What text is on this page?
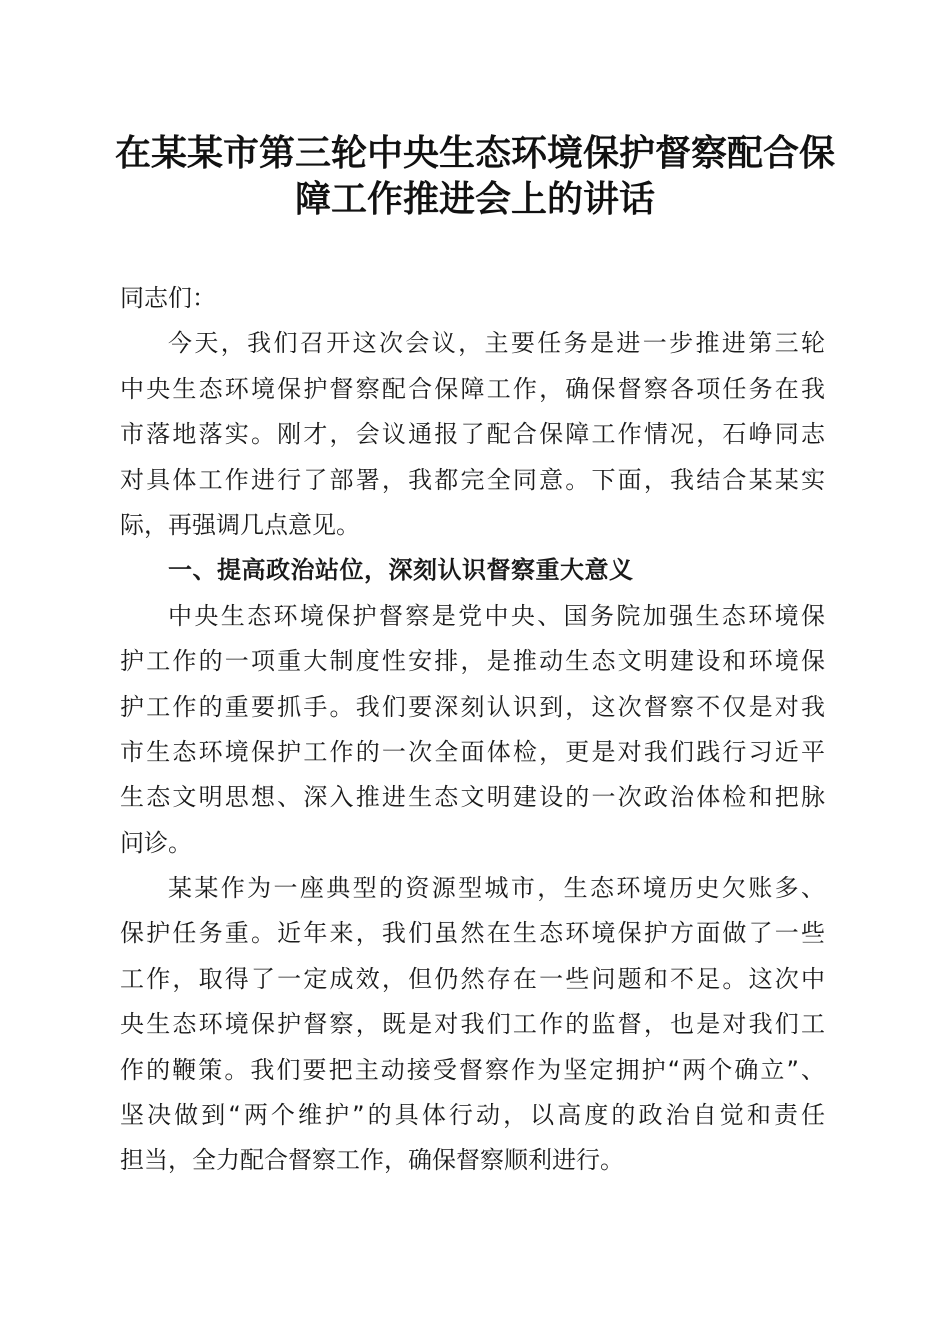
在某某市第三轮中央生态环境保护督察配合保
障工作推进会上的讲话
同志们：
今天，我们召开这次会议，主要任务是进一步推进第三轮
中央生态环境保护督察配合保障工作，确保督察各项任务在我
市落地落实。刚才，会议通报了配合保障工作情况，石峥同志
对具体工作进行了部署，我都完全同意。下面，我结合某某实
际，再强调几点意见。
一、提高政治站位，深刻认识督察重大意义
中央生态环境保护督察是党中央、国务院加强生态环境保
护工作的一项重大制度性安排，是推动生态文明建设和环境保
护工作的重要抓手。我们要深刻认识到，这次督察不仅是对我
市生态环境保护工作的一次全面体检，更是对我们践行习近平
生态文明思想、深入推进生态文明建设的一次政治体检和把脉
问诊。
某某作为一座典型的资源型城市，生态环境历史欠账多、
保护任务重。近年来，我们虽然在生态环境保护方面做了一些
工作，取得了一定成效，但仍然存在一些问题和不足。这次中
央生态环境保护督察，既是对我们工作的监督，也是对我们工
作的鞭策。我们要把主动接受督察作为坚定拥护“两个确立”、
坚决做到“两个维护”的具体行动，以高度的政治自觉和责任
担当，全力配合督察工作，确保督察顺利进行。
